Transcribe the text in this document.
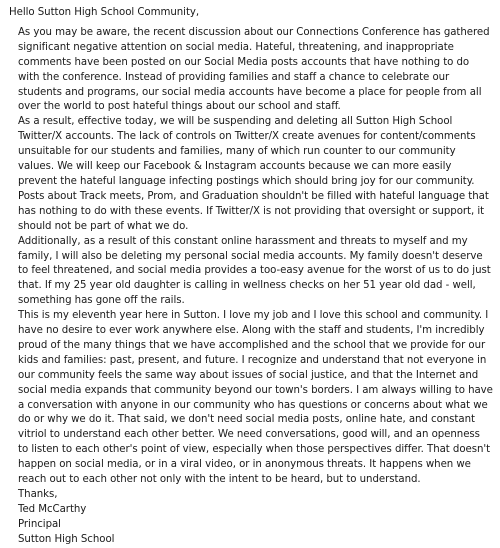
Hello Sutton High School Community,

As you may be aware, the recent discussion about our Connections Conference has gathered significant negative attention on social media. Hateful, threatening, and inappropriate comments have been posted on our Social Media posts accounts that have nothing to do with the conference. Instead of providing families and staff a chance to celebrate our students and programs, our social media accounts have become a place for people from all over the world to post hateful things about our school and staff.

As a result, effective today, we will be suspending and deleting all Sutton High School Twitter/X accounts. The lack of controls on Twitter/X create avenues for content/comments unsuitable for our students and families, many of which run counter to our community values. We will keep our Facebook & Instagram accounts because we can more easily prevent the hateful language infecting postings which should bring joy for our community. Posts about Track meets, Prom, and Graduation shouldn't be filled with hateful language that has nothing to do with these events. If Twitter/X is not providing that oversight or support, it should not be part of what we do.

Additionally, as a result of this constant online harassment and threats to myself and my family, I will also be deleting my personal social media accounts. My family doesn't deserve to feel threatened, and social media provides a too-easy avenue for the worst of us to do just that. If my 25 year old daughter is calling in wellness checks on her 51 year old dad - well, something has gone off the rails.

This is my eleventh year here in Sutton. I love my job and I love this school and community. I have no desire to ever work anywhere else. Along with the staff and students, I'm incredibly proud of the many things that we have accomplished and the school that we provide for our kids and families: past, present, and future. I recognize and understand that not everyone in our community feels the same way about issues of social justice, and that the Internet and social media expands that community beyond our town's borders. I am always willing to have a conversation with anyone in our community who has questions or concerns about what we do or why we do it. That said, we don't need social media posts, online hate, and constant vitriol to understand each other better. We need conversations, good will, and an openness to listen to each other's point of view, especially when those perspectives differ. That doesn't happen on social media, or in a viral video, or in anonymous threats. It happens when we reach out to each other not only with the intent to be heard, but to understand.

Thanks,

Ted McCarthy

Principal

Sutton High School
